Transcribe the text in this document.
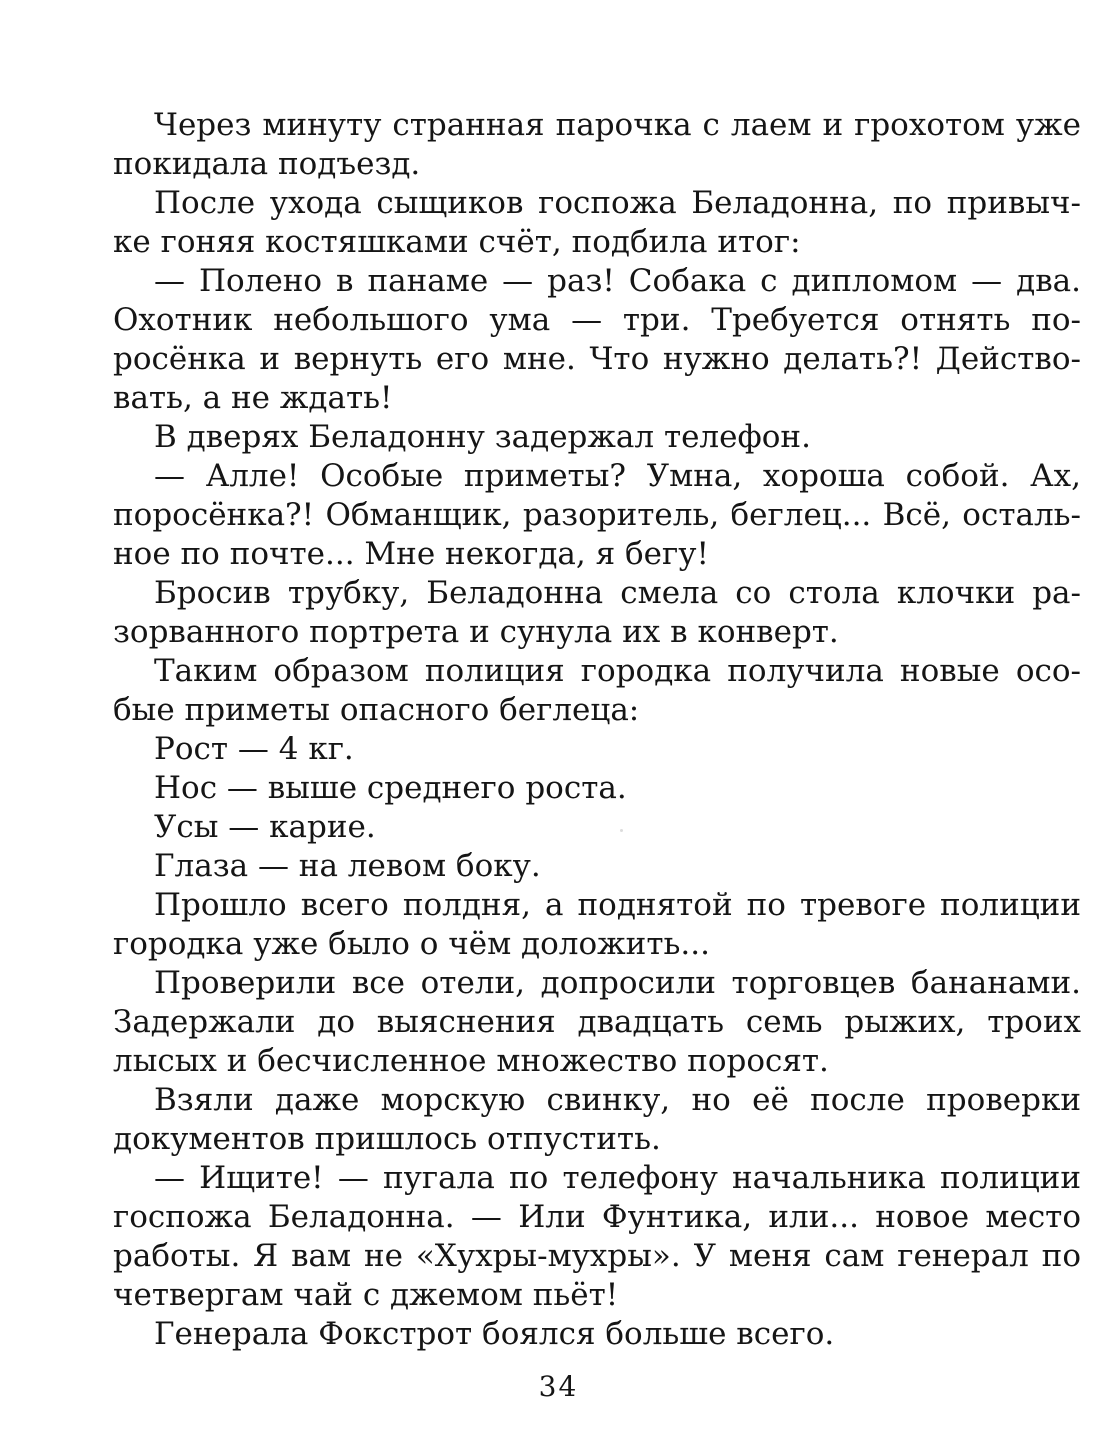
Через минуту странная парочка с лаем и грохотом уже
покидала подъезд.
После ухода сыщиков госпожа Беладонна, по привыч-
ке гоняя костяшками счёт, подбила итог:
— Полено в панаме — раз! Собака с дипломом — два.
Охотник небольшого ума — три. Требуется отнять по-
росёнка и вернуть его мне. Что нужно делать?! Действо-
вать, а не ждать!
В дверях Беладонну задержал телефон.
— Алле! Особые приметы? Умна, хороша собой. Ах,
поросёнка?! Обманщик, разоритель, беглец... Всё, осталь-
ное по почте... Мне некогда, я бегу!
Бросив трубку, Беладонна смела со стола клочки ра-
зорванного портрета и сунула их в конверт.
Таким образом полиция городка получила новые осо-
бые приметы опасного беглеца:
Рост — 4 кг.
Нос — выше среднего роста.
Усы — карие.
Глаза — на левом боку.
Прошло всего полдня, а поднятой по тревоге полиции
городка уже было о чём доложить...
Проверили все отели, допросили торговцев бананами.
Задержали до выяснения двадцать семь рыжих, троих
лысых и бесчисленное множество поросят.
Взяли даже морскую свинку, но её после проверки
документов пришлось отпустить.
— Ищите! — пугала по телефону начальника полиции
госпожа Беладонна. — Или Фунтика, или... новое место
работы. Я вам не «Хухры-мухры». У меня сам генерал по
четвергам чай с джемом пьёт!
Генерала Фокстрот боялся больше всего.
34
